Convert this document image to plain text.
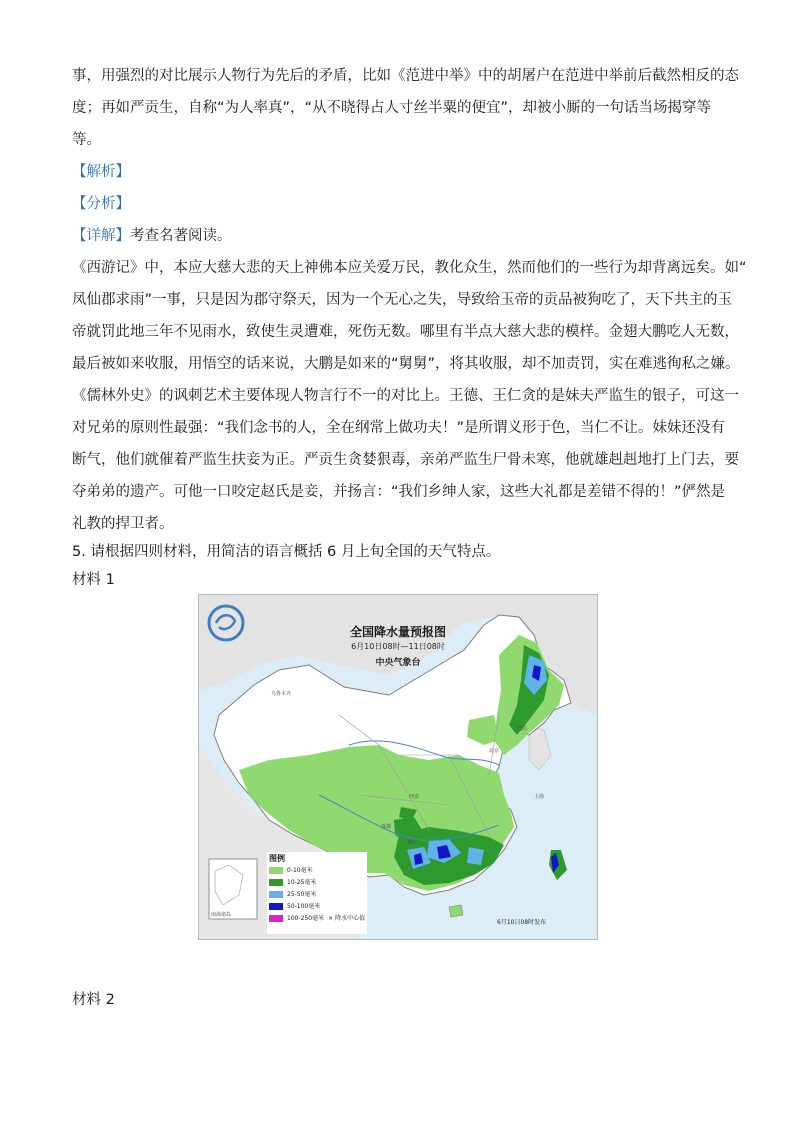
事，用强烈的对比展示人物行为先后的矛盾，比如《范进中举》中的胡屠户在范进中举前后截然相反的态

度；再如严贡生，自称“为人率真”，“从不晓得占人寸丝半粟的便宜”，却被小厮的一句话当场揭穿等

等。

【解析】

【分析】

【详解】考查名著阅读。

《西游记》中，本应大慈大悲的天上神佛本应关爱万民，教化众生，然而他们的一些行为却背离远矣。如“

凤仙郡求雨”一事，只是因为郡守祭天，因为一个无心之失，导致给玉帝的贡品被狗吃了，天下共主的玉

帝就罚此地三年不见雨水，致使生灵遭难，死伤无数。哪里有半点大慈大悲的模样。金翅大鹏吃人无数，

最后被如来收服，用悟空的话来说，大鹏是如来的“舅舅”，将其收服，却不加责罚，实在难逃徇私之嫌。

《儒林外史》的讽刺艺术主要体现人物言行不一的对比上。王德、王仁贪的是妹夫严监生的银子，可这一

对兄弟的原则性最强：“我们念书的人，全在纲常上做功夫！”是所谓义形于色，当仁不让。妹妹还没有

断气，他们就催着严监生扶妾为正。严贡生贪婪狠毒，亲弟严监生尸骨未寒，他就雄赳赳地打上门去，要

夺弟弟的遗产。可他一口咬定赵氏是妾，并扬言：“我们乡绅人家，这些大礼都是差错不得的！”俨然是

礼教的捍卫者。

5. 请根据四则材料，用简洁的语言概括 6 月上旬全国的天气特点。

材料 1

全国降水量预报图
6月10日08时—11日08时
中央气象台
乌鲁木齐
西安
成都
重庆
沈阳
北京
上海
南海诸岛
图例
0-10毫米
10-25毫米
25-50毫米
50-100毫米
100-250毫米 × 降水中心值
6月10日08时发布

材料 2
